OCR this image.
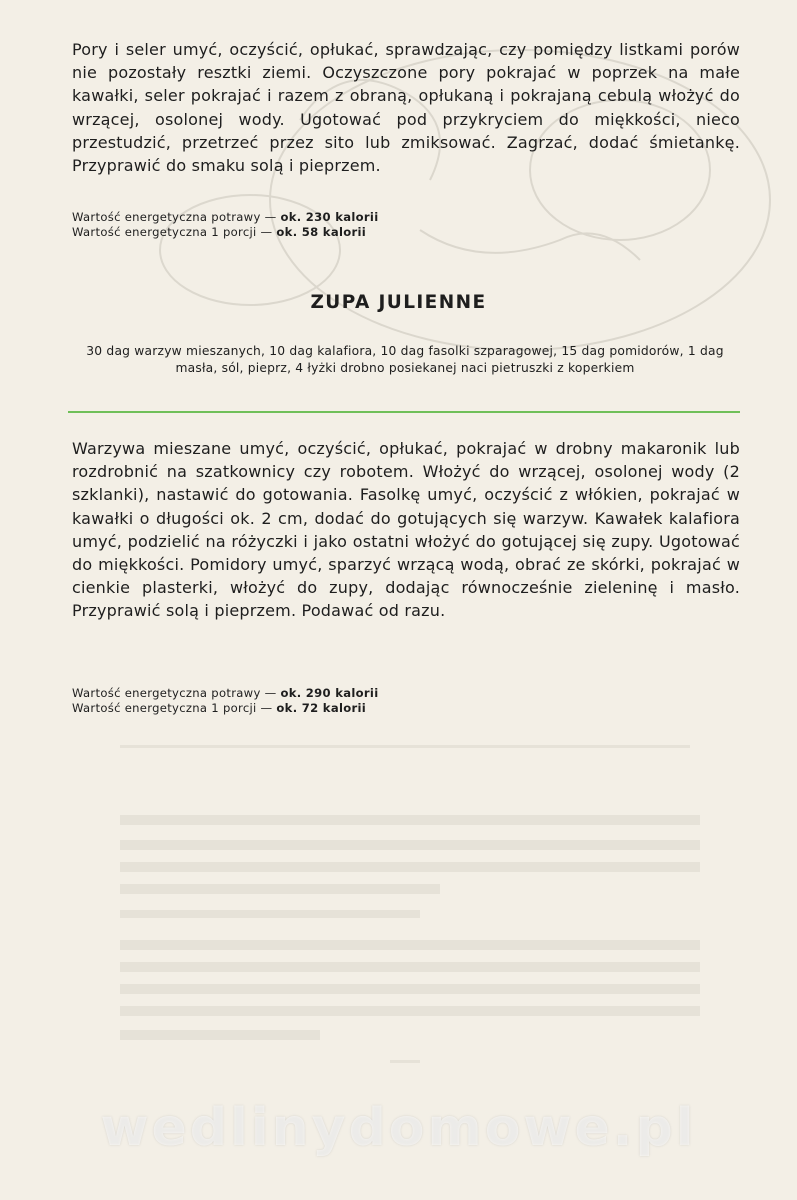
Pory i seler umyć, oczyścić, opłukać, sprawdzając, czy pomiędzy listkami porów nie pozostały resztki ziemi. Oczyszczone pory pokrajać w poprzek na małe kawałki, seler pokrajać i razem z obraną, opłukaną i pokrajaną cebulą włożyć do wrzącej, osolonej wody. Ugotować pod przykryciem do miękkości, nieco przestudzić, przetrzeć przez sito lub zmiksować. Zagrzać, dodać śmietankę. Przyprawić do smaku solą i pieprzem.

Wartość energetyczna potrawy — ok. 230 kalorii
Wartość energetyczna 1 porcji — ok. 58 kalorii

ZUPA JULIENNE

30 dag warzyw mieszanych, 10 dag kalafiora, 10 dag fasolki szparagowej, 15 dag pomidorów, 1 dag masła, sól, pieprz, 4 łyżki drobno posiekanej naci pietruszki z koperkiem

Warzywa mieszane umyć, oczyścić, opłukać, pokrajać w drobny makaronik lub rozdrobnić na szatkownicy czy robotem. Włożyć do wrzącej, osolonej wody (2 szklanki), nastawić do gotowania. Fasolkę umyć, oczyścić z włókien, pokrajać w kawałki o długości ok. 2 cm, dodać do gotujących się warzyw. Kawałek kalafiora umyć, podzielić na różyczki i jako ostatni włożyć do gotującej się zupy. Ugotować do miękkości. Pomidory umyć, sparzyć wrzącą wodą, obrać ze skórki, pokrajać w cienkie plasterki, włożyć do zupy, dodając równocześnie zieleninę i masło. Przyprawić solą i pieprzem. Podawać od razu.

Wartość energetyczna potrawy — ok. 290 kalorii
Wartość energetyczna 1 porcji — ok. 72 kalorii

wedlinydomowe.pl
